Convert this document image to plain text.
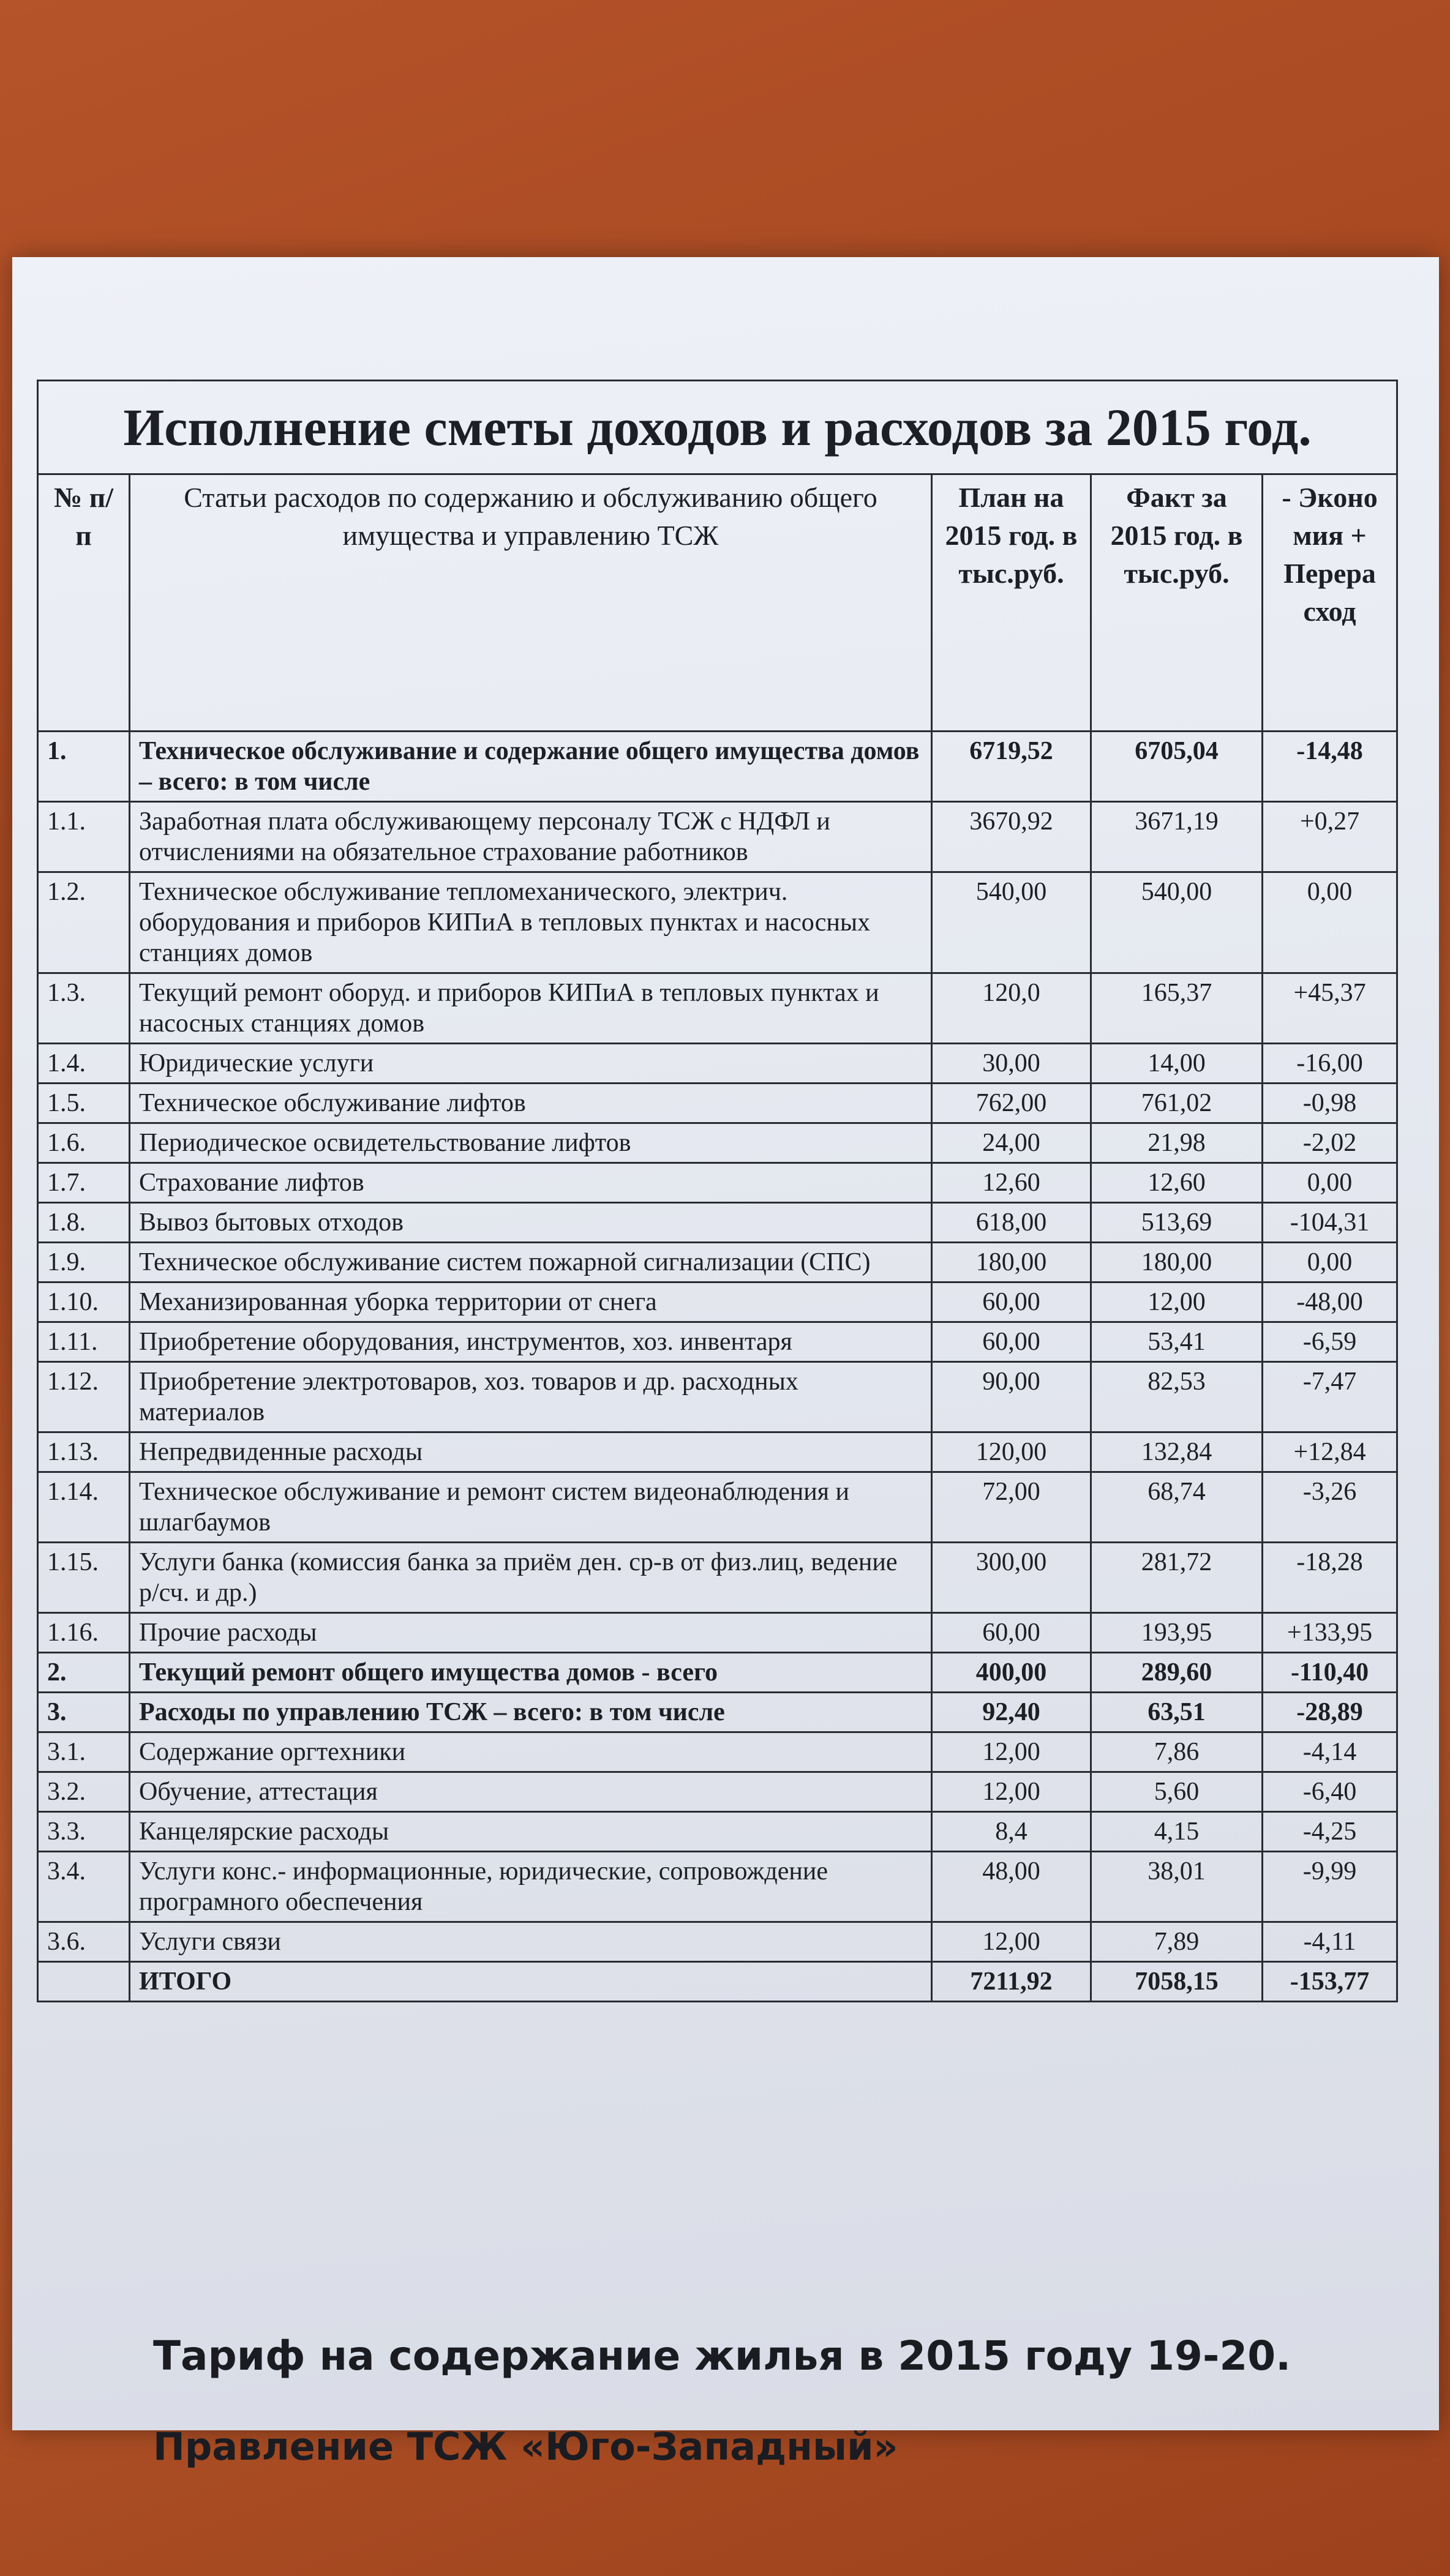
Исполнение сметы доходов и расходов за 2015 год.				
№ п/п	Статьи расходов по содержанию и обслуживанию общего имущества и управлению ТСЖ	План на 2015 год. в тыс.руб.	Факт за 2015 год. в тыс.руб.	- Эконо мия + Перера сход
1.	Техническое обслуживание и содержание общего имущества домов – всего: в том числе	6719,52	6705,04	-14,48
1.1.	Заработная плата обслуживающему персоналу ТСЖ с НДФЛ и отчислениями на обязательное страхование работников	3670,92	3671,19	+0,27
1.2.	Техническое обслуживание тепломеханического, электрич. оборудования и приборов КИПиА в тепловых пунктах и насосных станциях домов	540,00	540,00	0,00
1.3.	Текущий ремонт оборуд. и приборов КИПиА в тепловых пунктах и насосных станциях домов	120,0	165,37	+45,37
1.4.	Юридические услуги	30,00	14,00	-16,00
1.5.	Техническое обслуживание лифтов	762,00	761,02	-0,98
1.6.	Периодическое освидетельствование лифтов	24,00	21,98	-2,02
1.7.	Страхование лифтов	12,60	12,60	0,00
1.8.	Вывоз бытовых отходов	618,00	513,69	-104,31
1.9.	Техническое обслуживание систем пожарной сигнализации (СПС)	180,00	180,00	0,00
1.10.	Механизированная уборка территории от снега	60,00	12,00	-48,00
1.11.	Приобретение оборудования, инструментов, хоз. инвентаря	60,00	53,41	-6,59
1.12.	Приобретение электротоваров, хоз. товаров и др. расходных материалов	90,00	82,53	-7,47
1.13.	Непредвиденные расходы	120,00	132,84	+12,84
1.14.	Техническое обслуживание и ремонт систем видеонаблюдения и шлагбаумов	72,00	68,74	-3,26
1.15.	Услуги банка (комиссия банка за приём ден. ср-в от физ.лиц, ведение р/сч. и др.)	300,00	281,72	-18,28
1.16.	Прочие расходы	60,00	193,95	+133,95
2.	Текущий ремонт общего имущества домов - всего	400,00	289,60	-110,40
3.	Расходы по управлению ТСЖ – всего: в том числе	92,40	63,51	-28,89
3.1.	Содержание оргтехники	12,00	7,86	-4,14
3.2.	Обучение, аттестация	12,00	5,60	-6,40
3.3.	Канцелярские расходы	8,4	4,15	-4,25
3.4.	Услуги конс.- информационные, юридические, сопровождение програмного обеспечения	48,00	38,01	-9,99
3.6.	Услуги связи	12,00	7,89	-4,11
	ИТОГО	7211,92	7058,15	-153,77
Тариф на содержание жилья в 2015 году 19-20.
Правление ТСЖ «Юго-Западный»
